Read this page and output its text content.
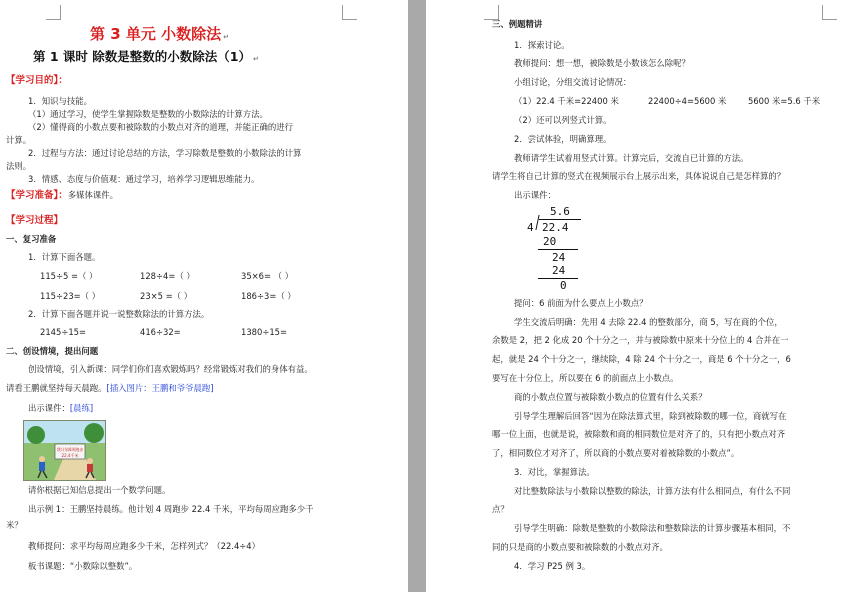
第 3 单元 小数除法 ↵
第 1 课时 除数是整数的小数除法（1） ↵
【学习目的】：
1．知识与技能。
（1）通过学习，使学生掌握除数是整数的小数除法的计算方法。
（2）懂得商的小数点要和被除数的小数点对齐的道理，并能正确的进行
计算。
2．过程与方法：通过讨论总结的方法，学习除数是整数的小数除法的计算
法则。
3．情感、态度与价值观：通过学习，培养学习逻辑思维能力。
【学习准备】：多媒体课件。
【学习过程】
一、复习准备
1．计算下面各题。
115÷5 =（ ）	128÷4=（ ）	35×6= （ ）
115÷23=（ ）	23×5 =（ ）	186÷3=（ ）
2．计算下面各题并说一说整数除法的计算方法。
2145÷15=	416÷32=	1380÷15=
二、创设情境，提出问题
创设情境，引入新课：同学们你们喜欢锻炼吗？经常锻炼对我们的身体有益。
请看王鹏就坚持每天晨跑。[插入图片：王鹏和爷爷晨跑]
出示课件：[晨练]
我计划4周跑步
22.4千米
请你根据已知信息提出一个数学问题。
出示例 1：王鹏坚持晨练。他计划 4 周跑步 22.4 千米，平均每周应跑多少千
米？
教师提问：求平均每周应跑多少千米，怎样列式？（22.4÷4）
板书课题：“小数除以整数”。
三、例题精讲
1．探索讨论。
教师提问：想一想，被除数是小数该怎么除呢？
小组讨论，分组交流讨论情况：
（1）22.4 千米=22400 米	22400÷4=5600 米	5600 米=5.6 千米
（2）还可以列竖式计算。
2．尝试体验，明确算理。
教师请学生试着用竖式计算。计算完后，交流自已计算的方法。
请学生将自己计算的竖式在视频展示台上展示出来，具体说说自己是怎样算的？
出示课件：
5.6
4 22.4
20
24
24
0
提问：6 前面为什么要点上小数点？
学生交流后明确：先用 4 去除 22.4 的整数部分，商 5，写在商的个位，
余数是 2，把 2 化成 20 个十分之一，并与被除数中原来十分位上的 4 合并在一
起，就是 24 个十分之一，继续除，4 除 24 个十分之一，商是 6 个十分之一，6
要写在十分位上，所以要在 6 的前面点上小数点。
商的小数点位置与被除数小数点的位置有什么关系？
引导学生理解后回答“因为在除法算式里，除到被除数的哪一位，商就写在
哪一位上面，也就是说，被除数和商的相同数位是对齐了的，只有把小数点对齐
了，相同数位才对齐了，所以商的小数点要对着被除数的小数点”。
3．对比，掌握算法。
对比整数除法与小数除以整数的除法，计算方法有什么相同点，有什么不同
点？
引导学生明确：除数是整数的小数除法和整数除法的计算步骤基本相同，不
同的只是商的小数点要和被除数的小数点对齐。
4．学习 P25 例 3。
